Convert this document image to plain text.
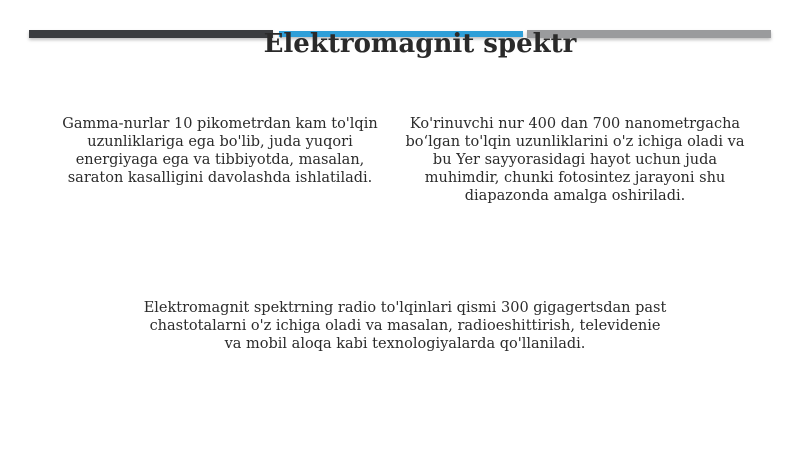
Elektromagnit spektr
Gamma-nurlar 10 pikometrdan kam to'lqin uzunliklariga ega bo'lib, juda yuqori energiyaga ega va tibbiyotda, masalan, saraton kasalligini davolashda ishlatiladi.
Ko'rinuvchi nur 400 dan 700 nanometrgacha boʻlgan to'lqin uzunliklarini o'z ichiga oladi va bu Yer sayyorasidagi hayot uchun juda muhimdir, chunki fotosintez jarayoni shu diapazonda amalga oshiriladi.
Elektromagnit spektrning radio to'lqinlari qismi 300 gigagertsdan past chastotalarni o'z ichiga oladi va masalan, radioeshittirish, televidenie va mobil aloqa kabi texnologiyalarda qo'llaniladi.
